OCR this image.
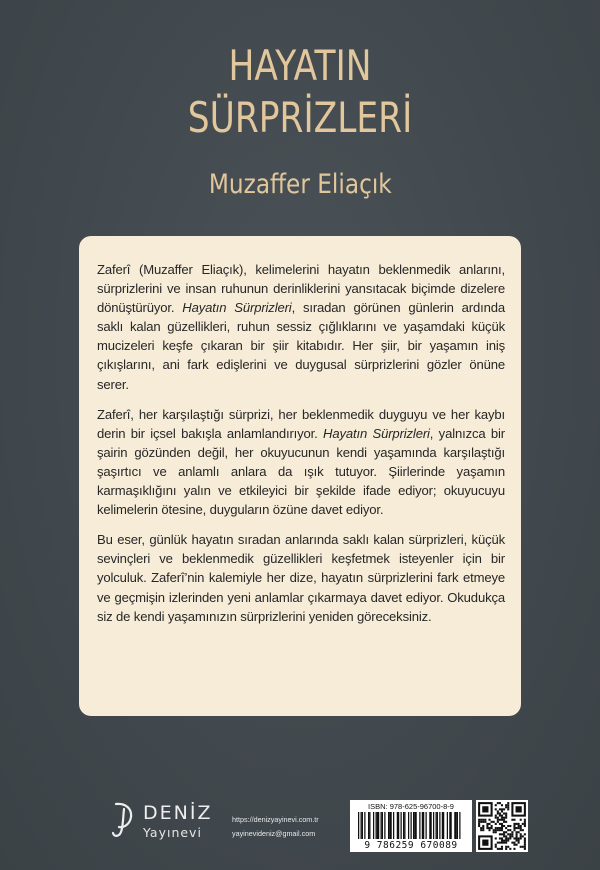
HAYATIN
SÜRPRİZLERİ
Muzaffer Eliaçık

Zaferî (Muzaffer Eliaçık), kelimelerini hayatın beklenmedik anlarını, sürprizlerini ve insan ruhunun derinliklerini yansıtacak biçimde dizelere dönüştürüyor. Hayatın Sürprizleri, sıradan görünen günlerin ardında saklı kalan güzellikleri, ruhun sessiz çığlıklarını ve yaşamdaki küçük mucizeleri keşfe çıkaran bir şiir kitabıdır. Her şiir, bir yaşamın iniş çıkışlarını, ani fark edişlerini ve duygusal sürprizlerini gözler önüne serer.

Zaferî, her karşılaştığı sürprizi, her beklenmedik duyguyu ve her kaybı derin bir içsel bakışla anlamlandırıyor. Hayatın Sürprizleri, yalnızca bir şairin gözünden değil, her okuyucunun kendi yaşamında karşılaştığı şaşırtıcı ve anlamlı anlara da ışık tutuyor. Şiirlerinde yaşamın karmaşıklığını yalın ve etkileyici bir şekilde ifade ediyor; okuyucuyu kelimelerin ötesine, duyguların özüne davet ediyor.

Bu eser, günlük hayatın sıradan anlarında saklı kalan sürprizleri, küçük sevinçleri ve beklenmedik güzellikleri keşfetmek isteyenler için bir yolculuk. Zaferî’nin kalemiyle her dize, hayatın sürprizlerini fark etmeye ve geçmişin izlerinden yeni anlamlar çıkarmaya davet ediyor. Okudukça siz de kendi yaşamınızın sürprizlerini yeniden göreceksiniz.

DENİZ
Yayınevi
https://denizyayinevi.com.tr
yayinevideniz@gmail.com
ISBN: 978-625-96700-8-9
9 786259 670089
